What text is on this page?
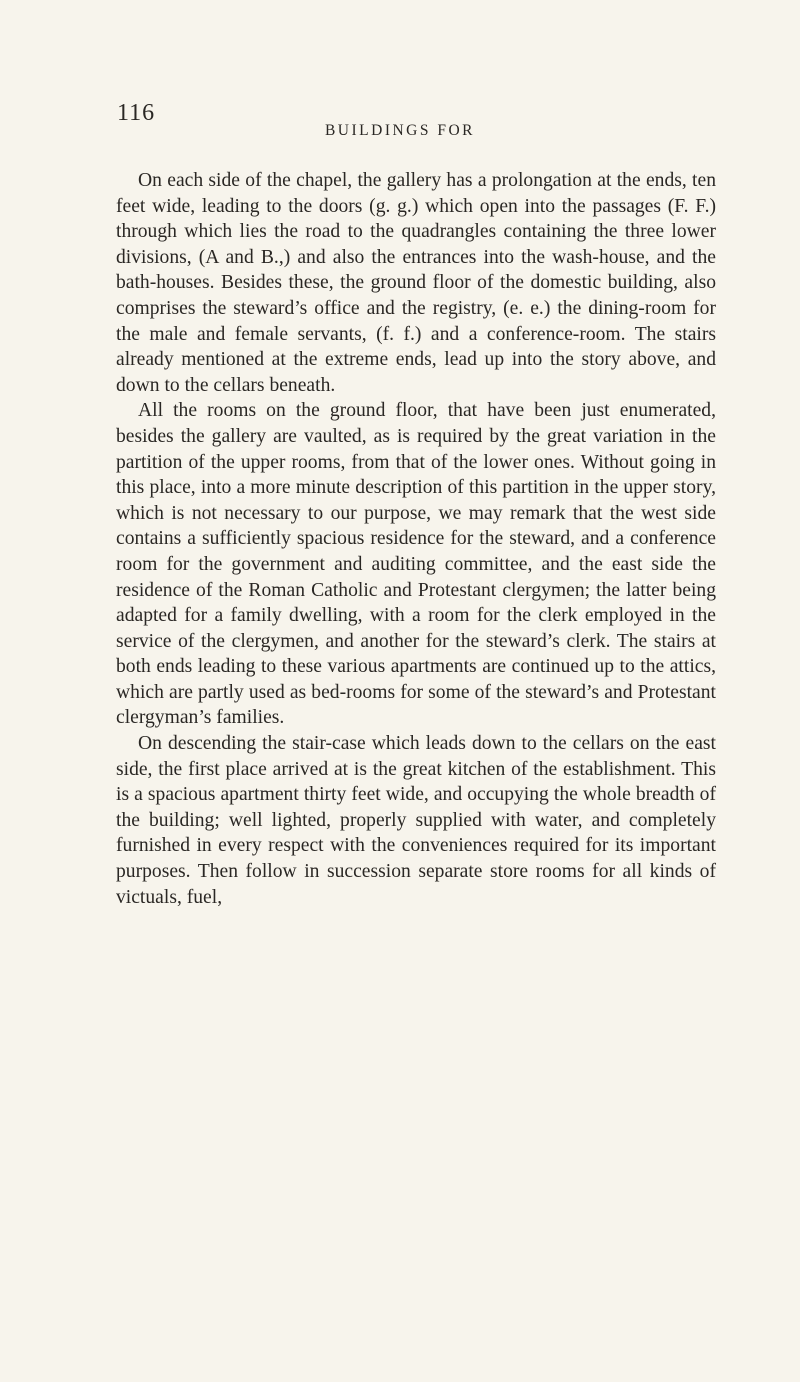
116
BUILDINGS FOR

On each side of the chapel, the gallery has a prolongation at the ends, ten feet wide, leading to the doors (g. g.) which open into the passages (F. F.) through which lies the road to the quadrangles containing the three lower divisions, (A and B.,) and also the entrances into the wash-house, and the bath-houses. Besides these, the ground floor of the domestic building, also comprises the steward’s office and the registry, (e. e.) the dining-room for the male and female servants, (f. f.) and a conference-room. The stairs already mentioned at the extreme ends, lead up into the story above, and down to the cellars beneath.

All the rooms on the ground floor, that have been just enumerated, besides the gallery are vaulted, as is required by the great variation in the partition of the upper rooms, from that of the lower ones. Without going in this place, into a more minute description of this partition in the upper story, which is not necessary to our purpose, we may remark that the west side contains a sufficiently spacious residence for the steward, and a conference room for the government and auditing committee, and the east side the residence of the Roman Catholic and Protestant clergymen; the latter being adapted for a family dwelling, with a room for the clerk employed in the service of the clergymen, and another for the steward’s clerk. The stairs at both ends leading to these various apartments are continued up to the attics, which are partly used as bed-rooms for some of the steward’s and Protestant clergyman’s families.

On descending the stair-case which leads down to the cellars on the east side, the first place arrived at is the great kitchen of the establishment. This is a spacious apartment thirty feet wide, and occupying the whole breadth of the building; well lighted, properly supplied with water, and completely furnished in every respect with the conveniences required for its important purposes. Then follow in succession separate store rooms for all kinds of victuals, fuel,
